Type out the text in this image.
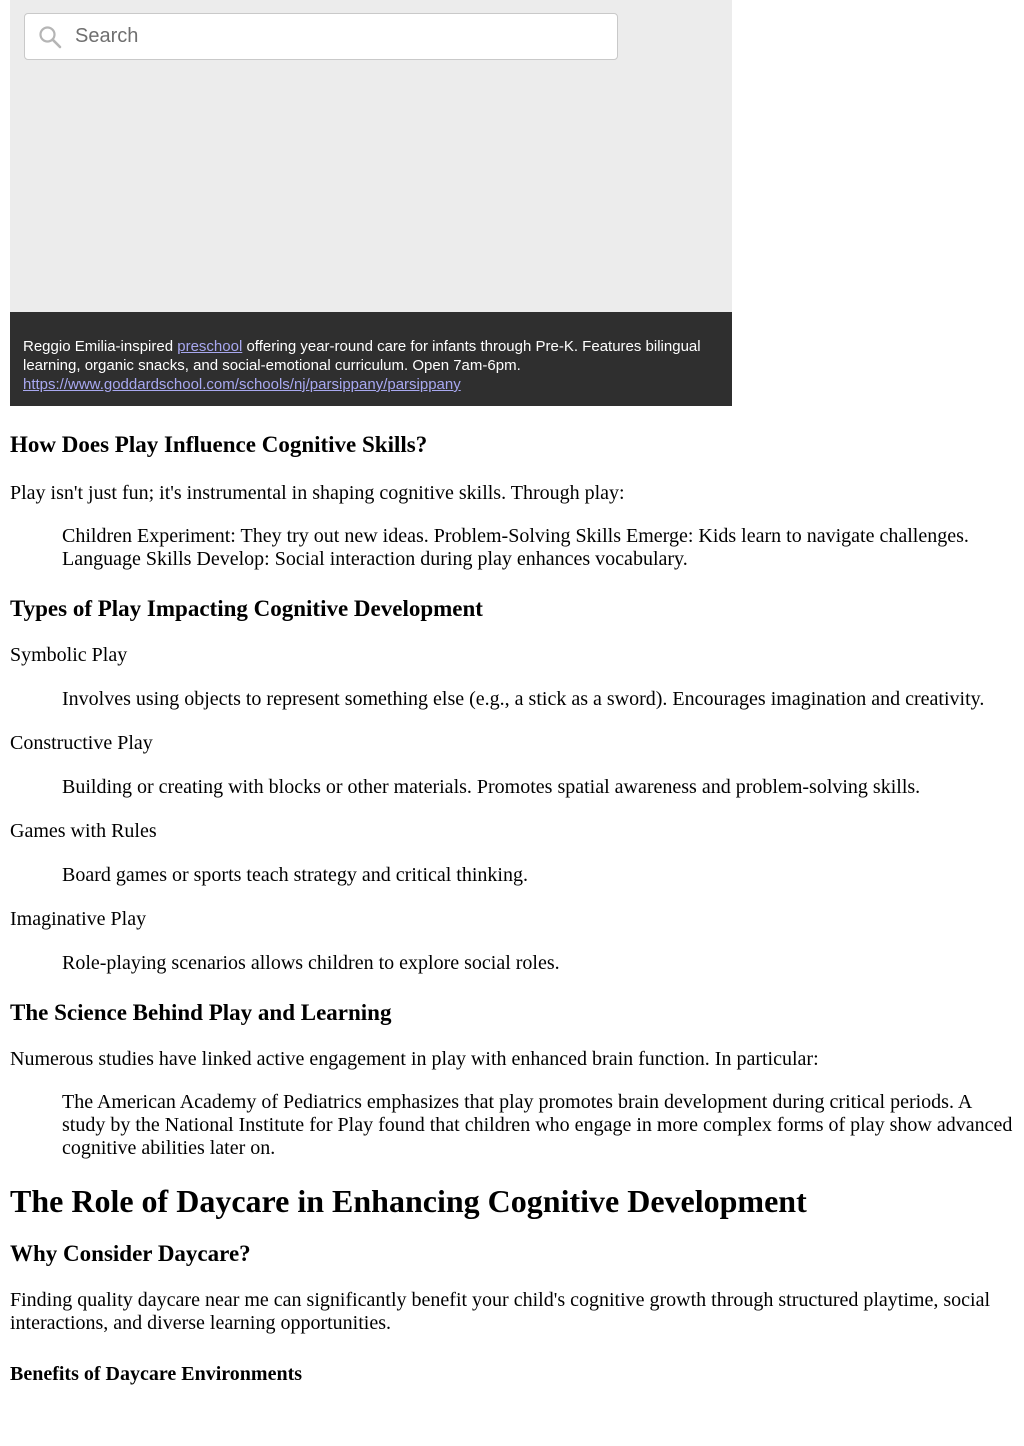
Search
Reggio Emilia-inspired preschool offering year-round care for infants through Pre-K. Features bilingual learning, organic snacks, and social-emotional curriculum. Open 7am-6pm.
https://www.goddardschool.com/schools/nj/parsippany/parsippany
How Does Play Influence Cognitive Skills?

Play isn't just fun; it's instrumental in shaping cognitive skills. Through play:

Children Experiment: They try out new ideas. Problem-Solving Skills Emerge: Kids learn to navigate challenges. Language Skills Develop: Social interaction during play enhances vocabulary.

Types of Play Impacting Cognitive Development

Symbolic Play

Involves using objects to represent something else (e.g., a stick as a sword). Encourages imagination and creativity.

Constructive Play

Building or creating with blocks or other materials. Promotes spatial awareness and problem-solving skills.

Games with Rules

Board games or sports teach strategy and critical thinking.

Imaginative Play

Role-playing scenarios allows children to explore social roles.

The Science Behind Play and Learning

Numerous studies have linked active engagement in play with enhanced brain function. In particular:

The American Academy of Pediatrics emphasizes that play promotes brain development during critical periods. A study by the National Institute for Play found that children who engage in more complex forms of play show advanced cognitive abilities later on.

The Role of Daycare in Enhancing Cognitive Development
Why Consider Daycare?

Finding quality daycare near me can significantly benefit your child's cognitive growth through structured playtime, social interactions, and diverse learning opportunities.

Benefits of Daycare Environments
